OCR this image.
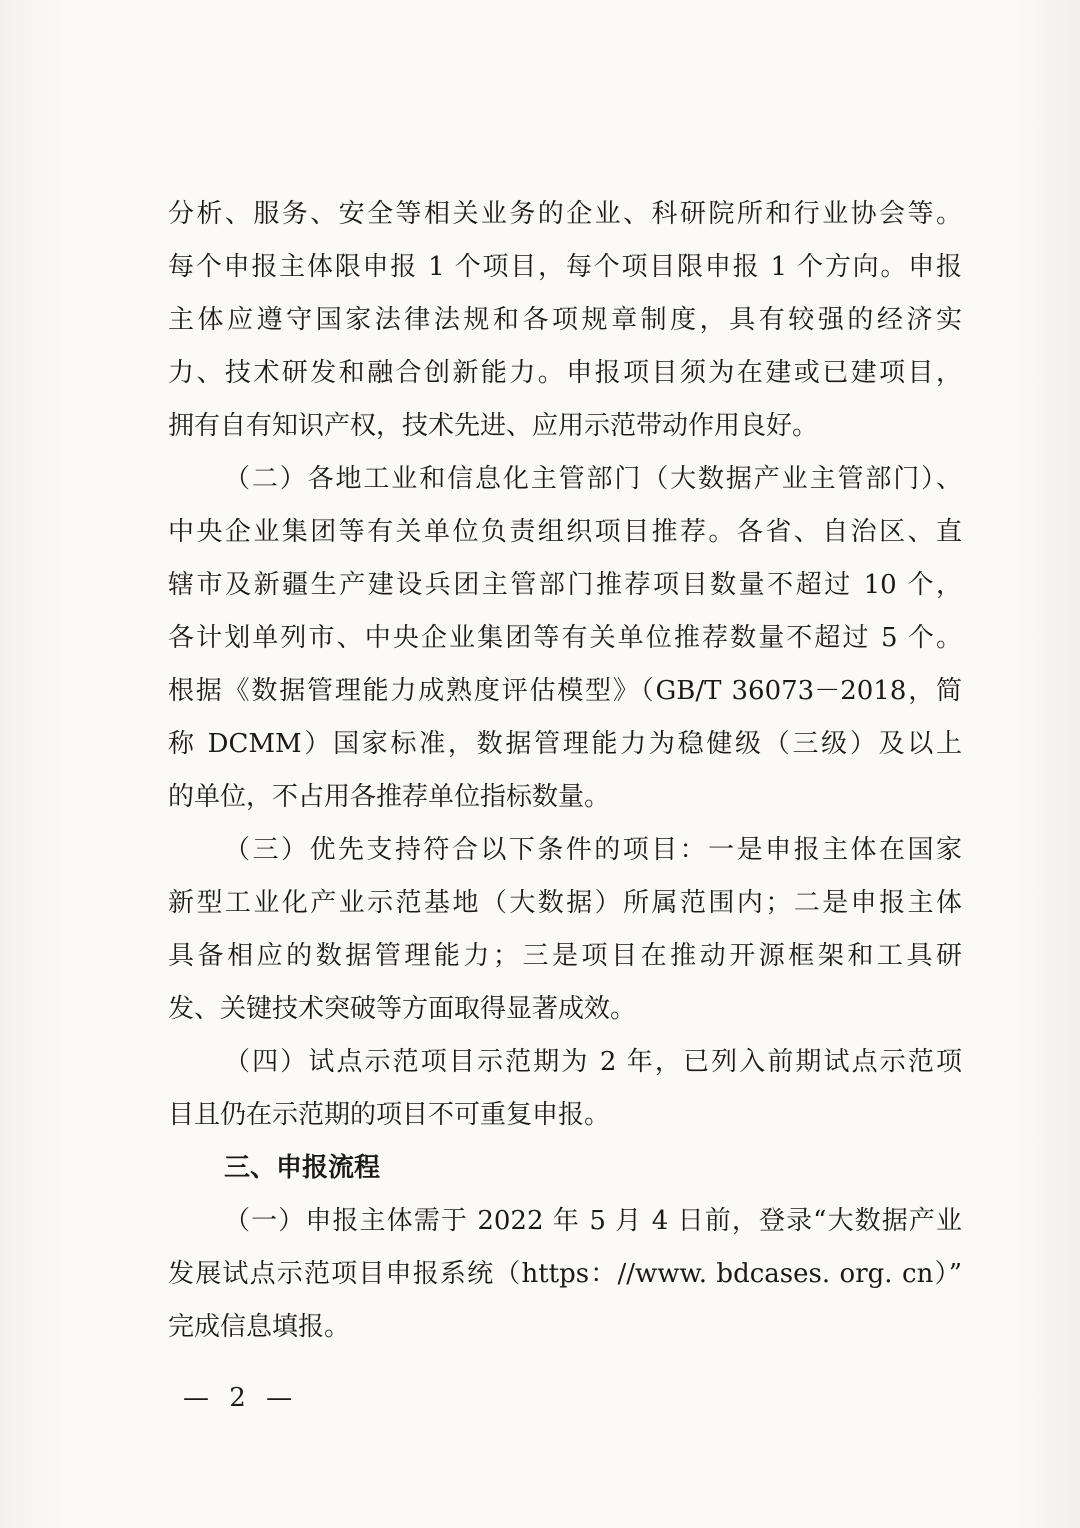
分析、服务、安全等相关业务的企业、科研院所和行业协会等。
每个申报主体限申报 1 个项目，每个项目限申报 1 个方向。申报
主体应遵守国家法律法规和各项规章制度，具有较强的经济实
力、技术研发和融合创新能力。申报项目须为在建或已建项目，
拥有自有知识产权，技术先进、应用示范带动作用良好。
（二）各地工业和信息化主管部门（大数据产业主管部门）、
中央企业集团等有关单位负责组织项目推荐。各省、自治区、直
辖市及新疆生产建设兵团主管部门推荐项目数量不超过 10 个，
各计划单列市、中央企业集团等有关单位推荐数量不超过 5 个。
根据《数据管理能力成熟度评估模型》（GB/T 36073－2018，简
称 DCMM）国家标准，数据管理能力为稳健级（三级）及以上
的单位，不占用各推荐单位指标数量。
（三）优先支持符合以下条件的项目：一是申报主体在国家
新型工业化产业示范基地（大数据）所属范围内；二是申报主体
具备相应的数据管理能力；三是项目在推动开源框架和工具研
发、关键技术突破等方面取得显著成效。
（四）试点示范项目示范期为 2 年，已列入前期试点示范项
目且仍在示范期的项目不可重复申报。
三、申报流程
（一）申报主体需于 2022 年 5 月 4 日前，登录“大数据产业
发展试点示范项目申报系统（https：//www. bdcases. org. cn）”
完成信息填报。
— 2 —
